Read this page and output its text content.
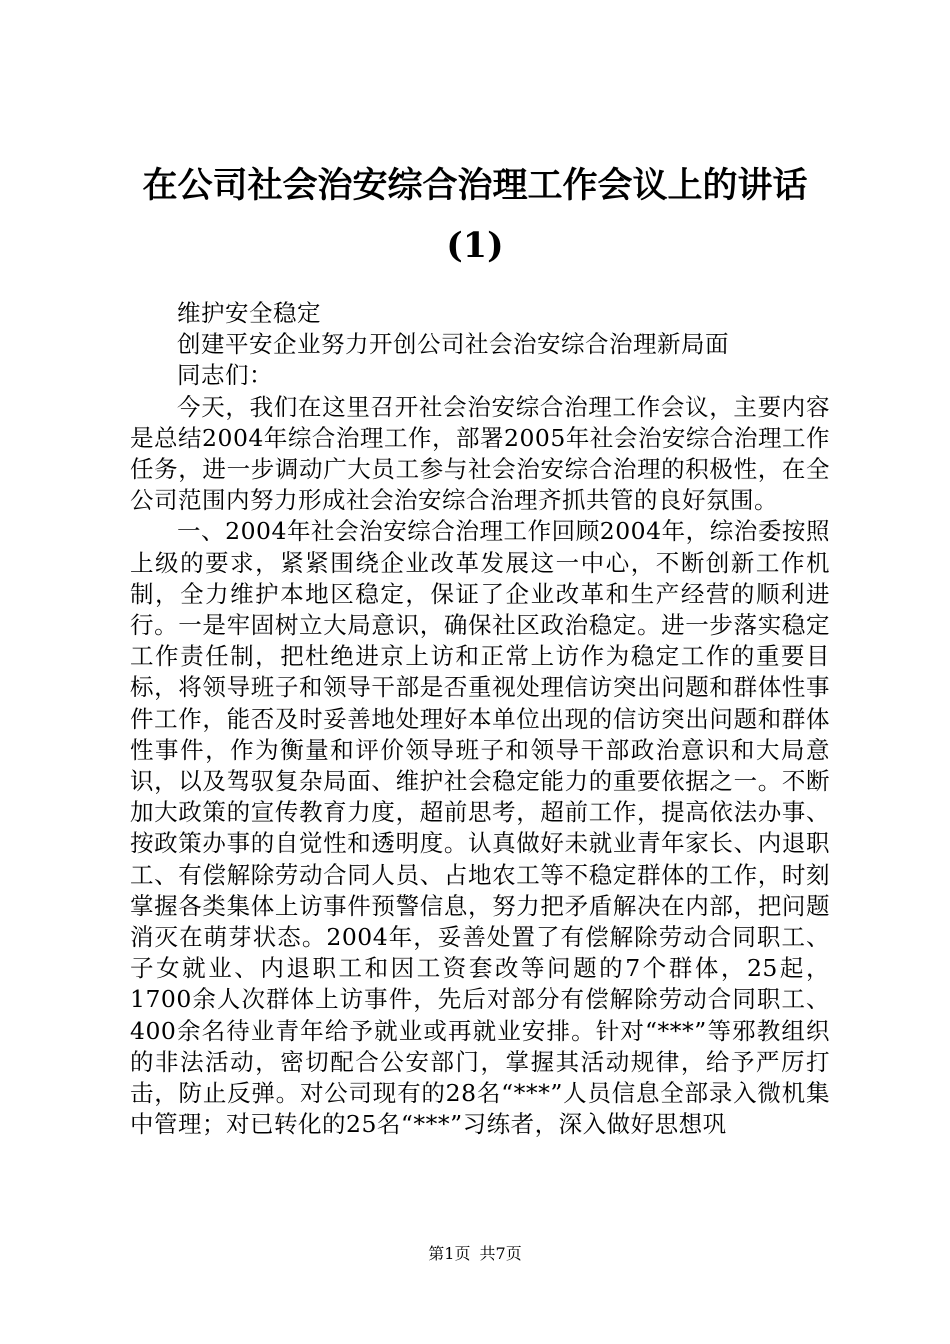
在公司社会治安综合治理工作会议上的讲话
(1)

维护安全稳定

创建平安企业努力开创公司社会治安综合治理新局面

同志们：

今天，我们在这里召开社会治安综合治理工作会议，主要内容是总结2004年综合治理工作，部署2005年社会治安综合治理工作任务，进一步调动广大员工参与社会治安综合治理的积极性，在全公司范围内努力形成社会治安综合治理齐抓共管的良好氛围。

一、2004年社会治安综合治理工作回顾2004年，综治委按照上级的要求，紧紧围绕企业改革发展这一中心，不断创新工作机制，全力维护本地区稳定，保证了企业改革和生产经营的顺利进行。一是牢固树立大局意识，确保社区政治稳定。进一步落实稳定工作责任制，把杜绝进京上访和正常上访作为稳定工作的重要目标，将领导班子和领导干部是否重视处理信访突出问题和群体性事件工作，能否及时妥善地处理好本单位出现的信访突出问题和群体性事件，作为衡量和评价领导班子和领导干部政治意识和大局意识，以及驾驭复杂局面、维护社会稳定能力的重要依据之一。不断加大政策的宣传教育力度，超前思考，超前工作，提高依法办事、按政策办事的自觉性和透明度。认真做好未就业青年家长、内退职工、有偿解除劳动合同人员、占地农工等不稳定群体的工作，时刻掌握各类集体上访事件预警信息，努力把矛盾解决在内部，把问题消灭在萌芽状态。2004年，妥善处置了有偿解除劳动合同职工、子女就业、内退职工和因工资套改等问题的7个群体，25起，1700余人次群体上访事件，先后对部分有偿解除劳动合同职工、400余名待业青年给予就业或再就业安排。针对“***”等邪教组织的非法活动，密切配合公安部门，掌握其活动规律，给予严厉打击，防止反弹。对公司现有的28名“***”人员信息全部录入微机集中管理；对已转化的25名“***”习练者，深入做好思想巩

第1页 共7页
